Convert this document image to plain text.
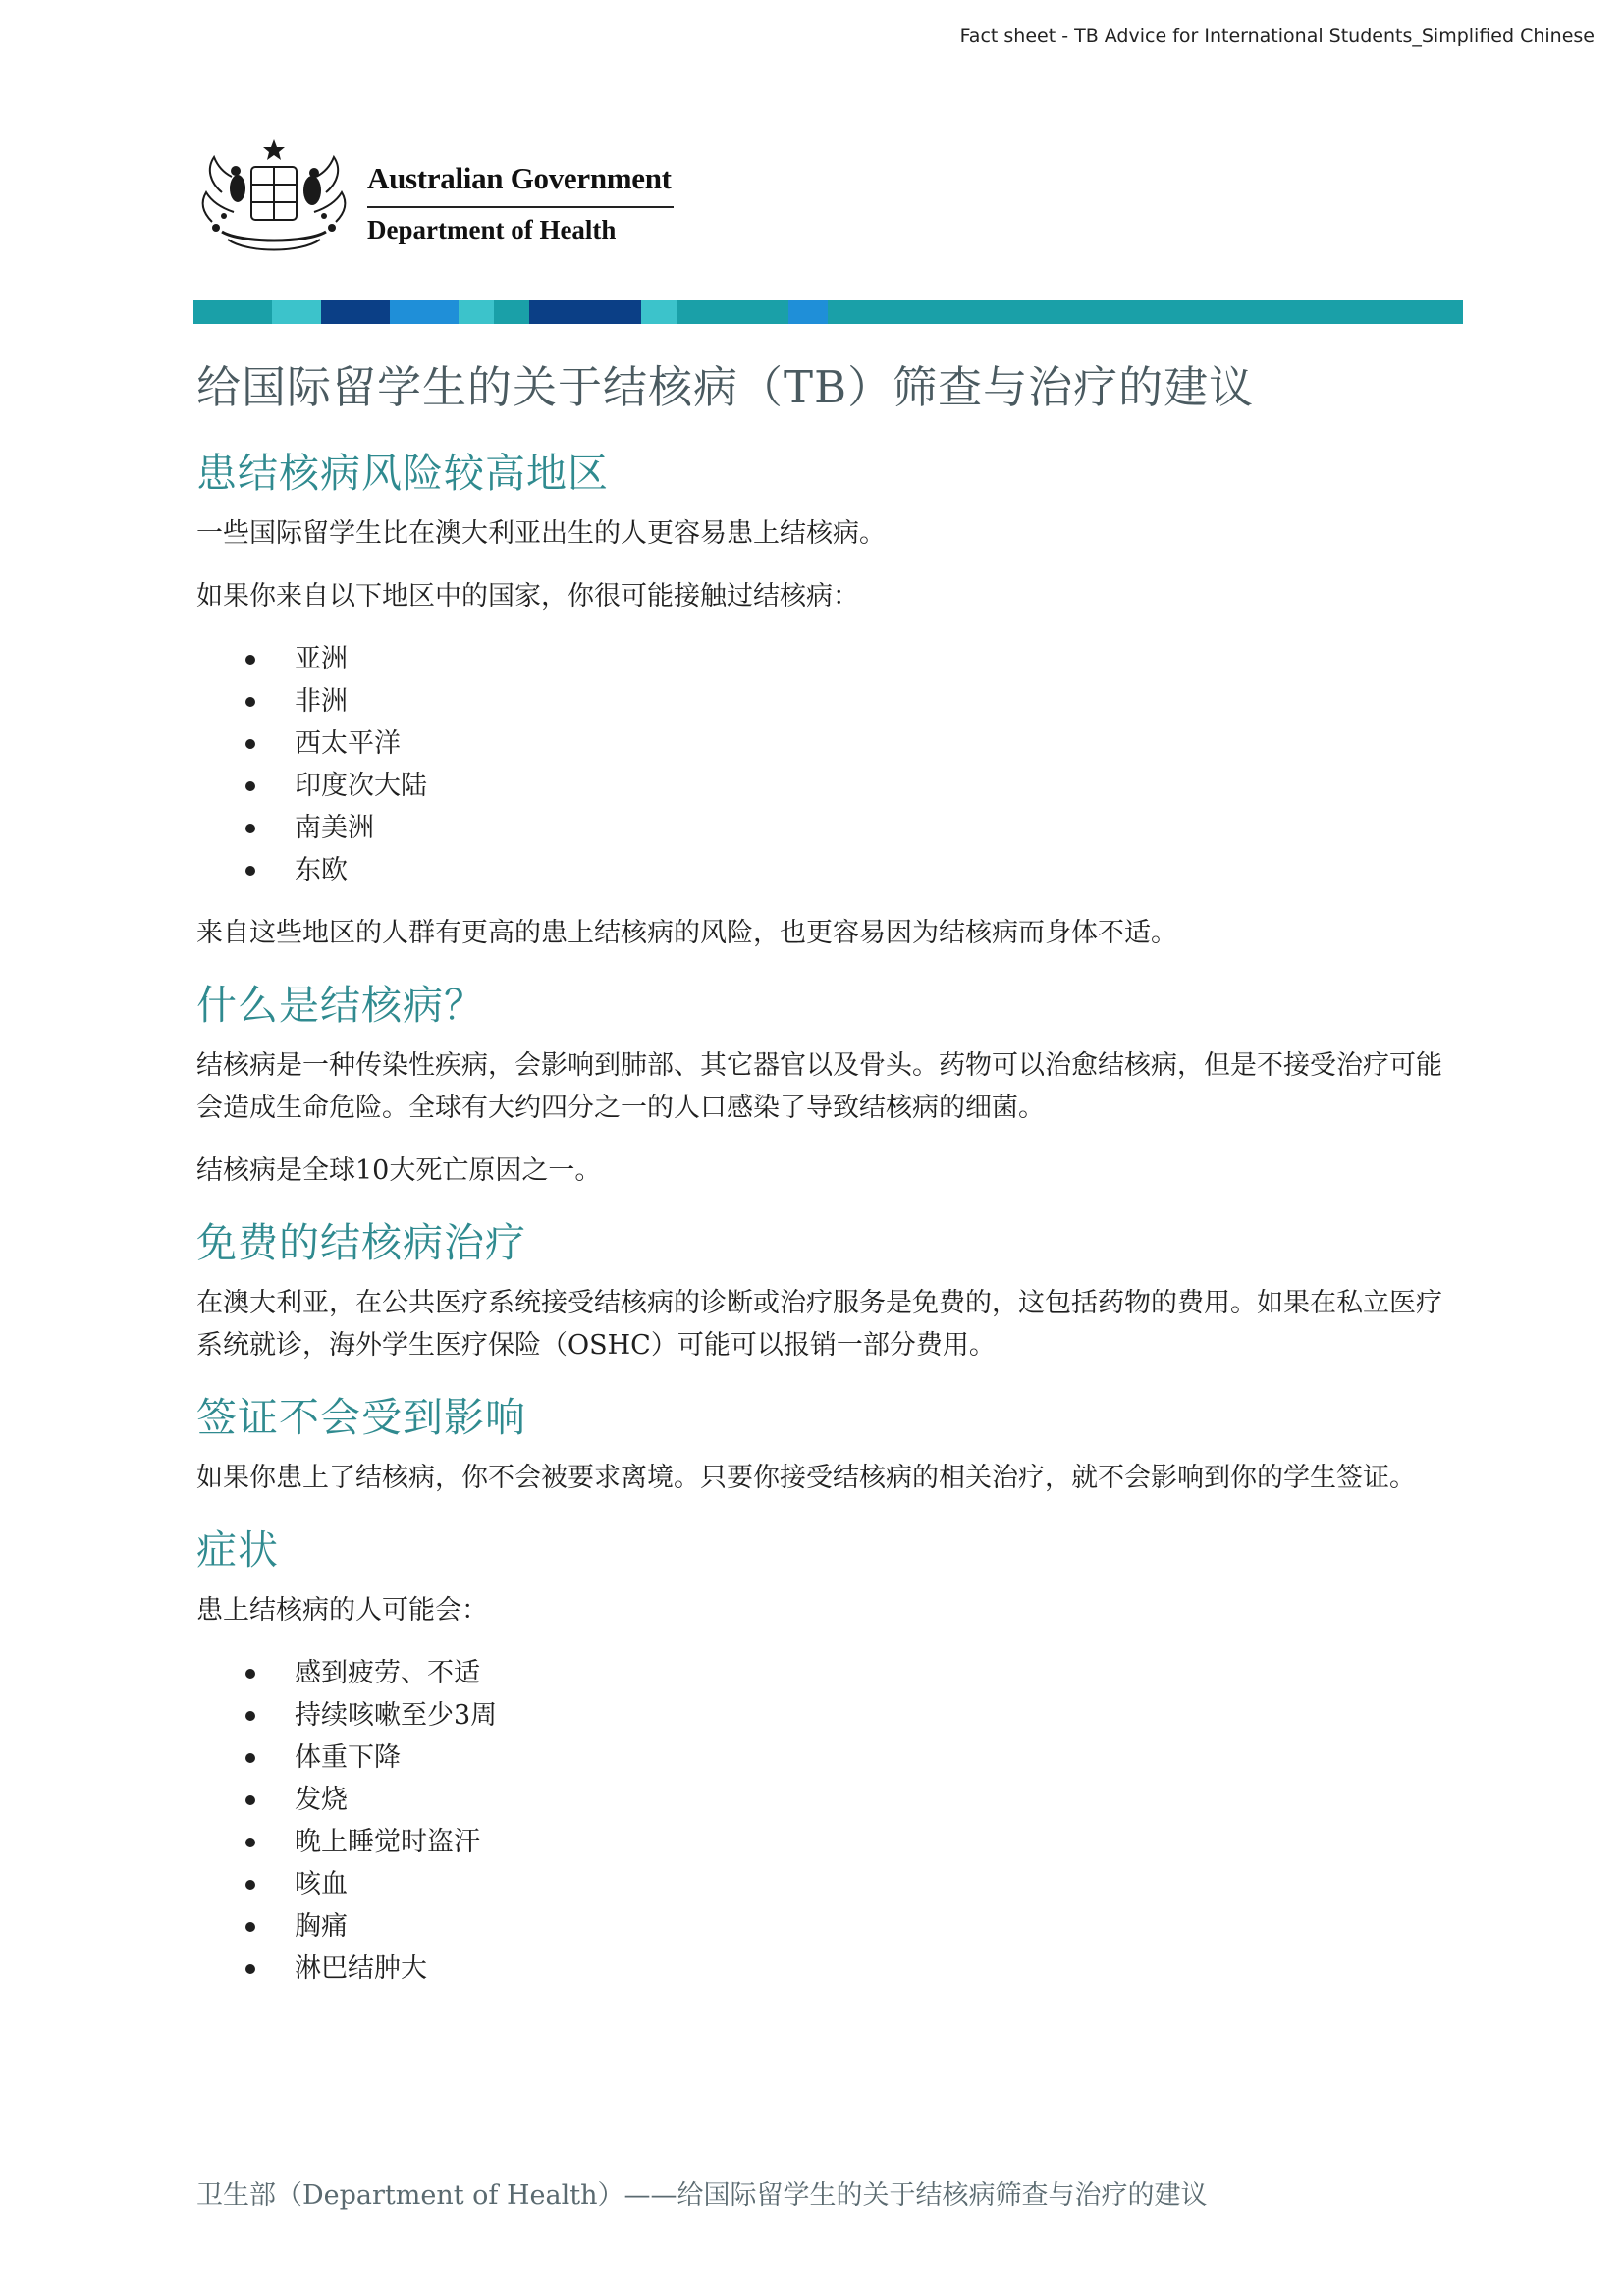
Fact sheet - TB Advice for International Students_Simplified Chinese
Australian Government
Department of Health
给国际留学生的关于结核病（TB）筛查与治疗的建议
患结核病风险较高地区

一些国际留学生比在澳大利亚出生的人更容易患上结核病。

如果你来自以下地区中的国家，你很可能接触过结核病：

亚洲
非洲
西太平洋
印度次大陆
南美洲
东欧

来自这些地区的人群有更高的患上结核病的风险，也更容易因为结核病而身体不适。

什么是结核病？

结核病是一种传染性疾病，会影响到肺部、其它器官以及骨头。药物可以治愈结核病，但是不接受治疗可能会造成生命危险。全球有大约四分之一的人口感染了导致结核病的细菌。

结核病是全球10大死亡原因之一。

免费的结核病治疗

在澳大利亚，在公共医疗系统接受结核病的诊断或治疗服务是免费的，这包括药物的费用。如果在私立医疗系统就诊，海外学生医疗保险（OSHC）可能可以报销一部分费用。

签证不会受到影响

如果你患上了结核病，你不会被要求离境。只要你接受结核病的相关治疗，就不会影响到你的学生签证。

症状

患上结核病的人可能会：

感到疲劳、不适
持续咳嗽至少3周
体重下降
发烧
晚上睡觉时盗汗
咳血
胸痛
淋巴结肿大
卫生部（Department of Health）——给国际留学生的关于结核病筛查与治疗的建议
